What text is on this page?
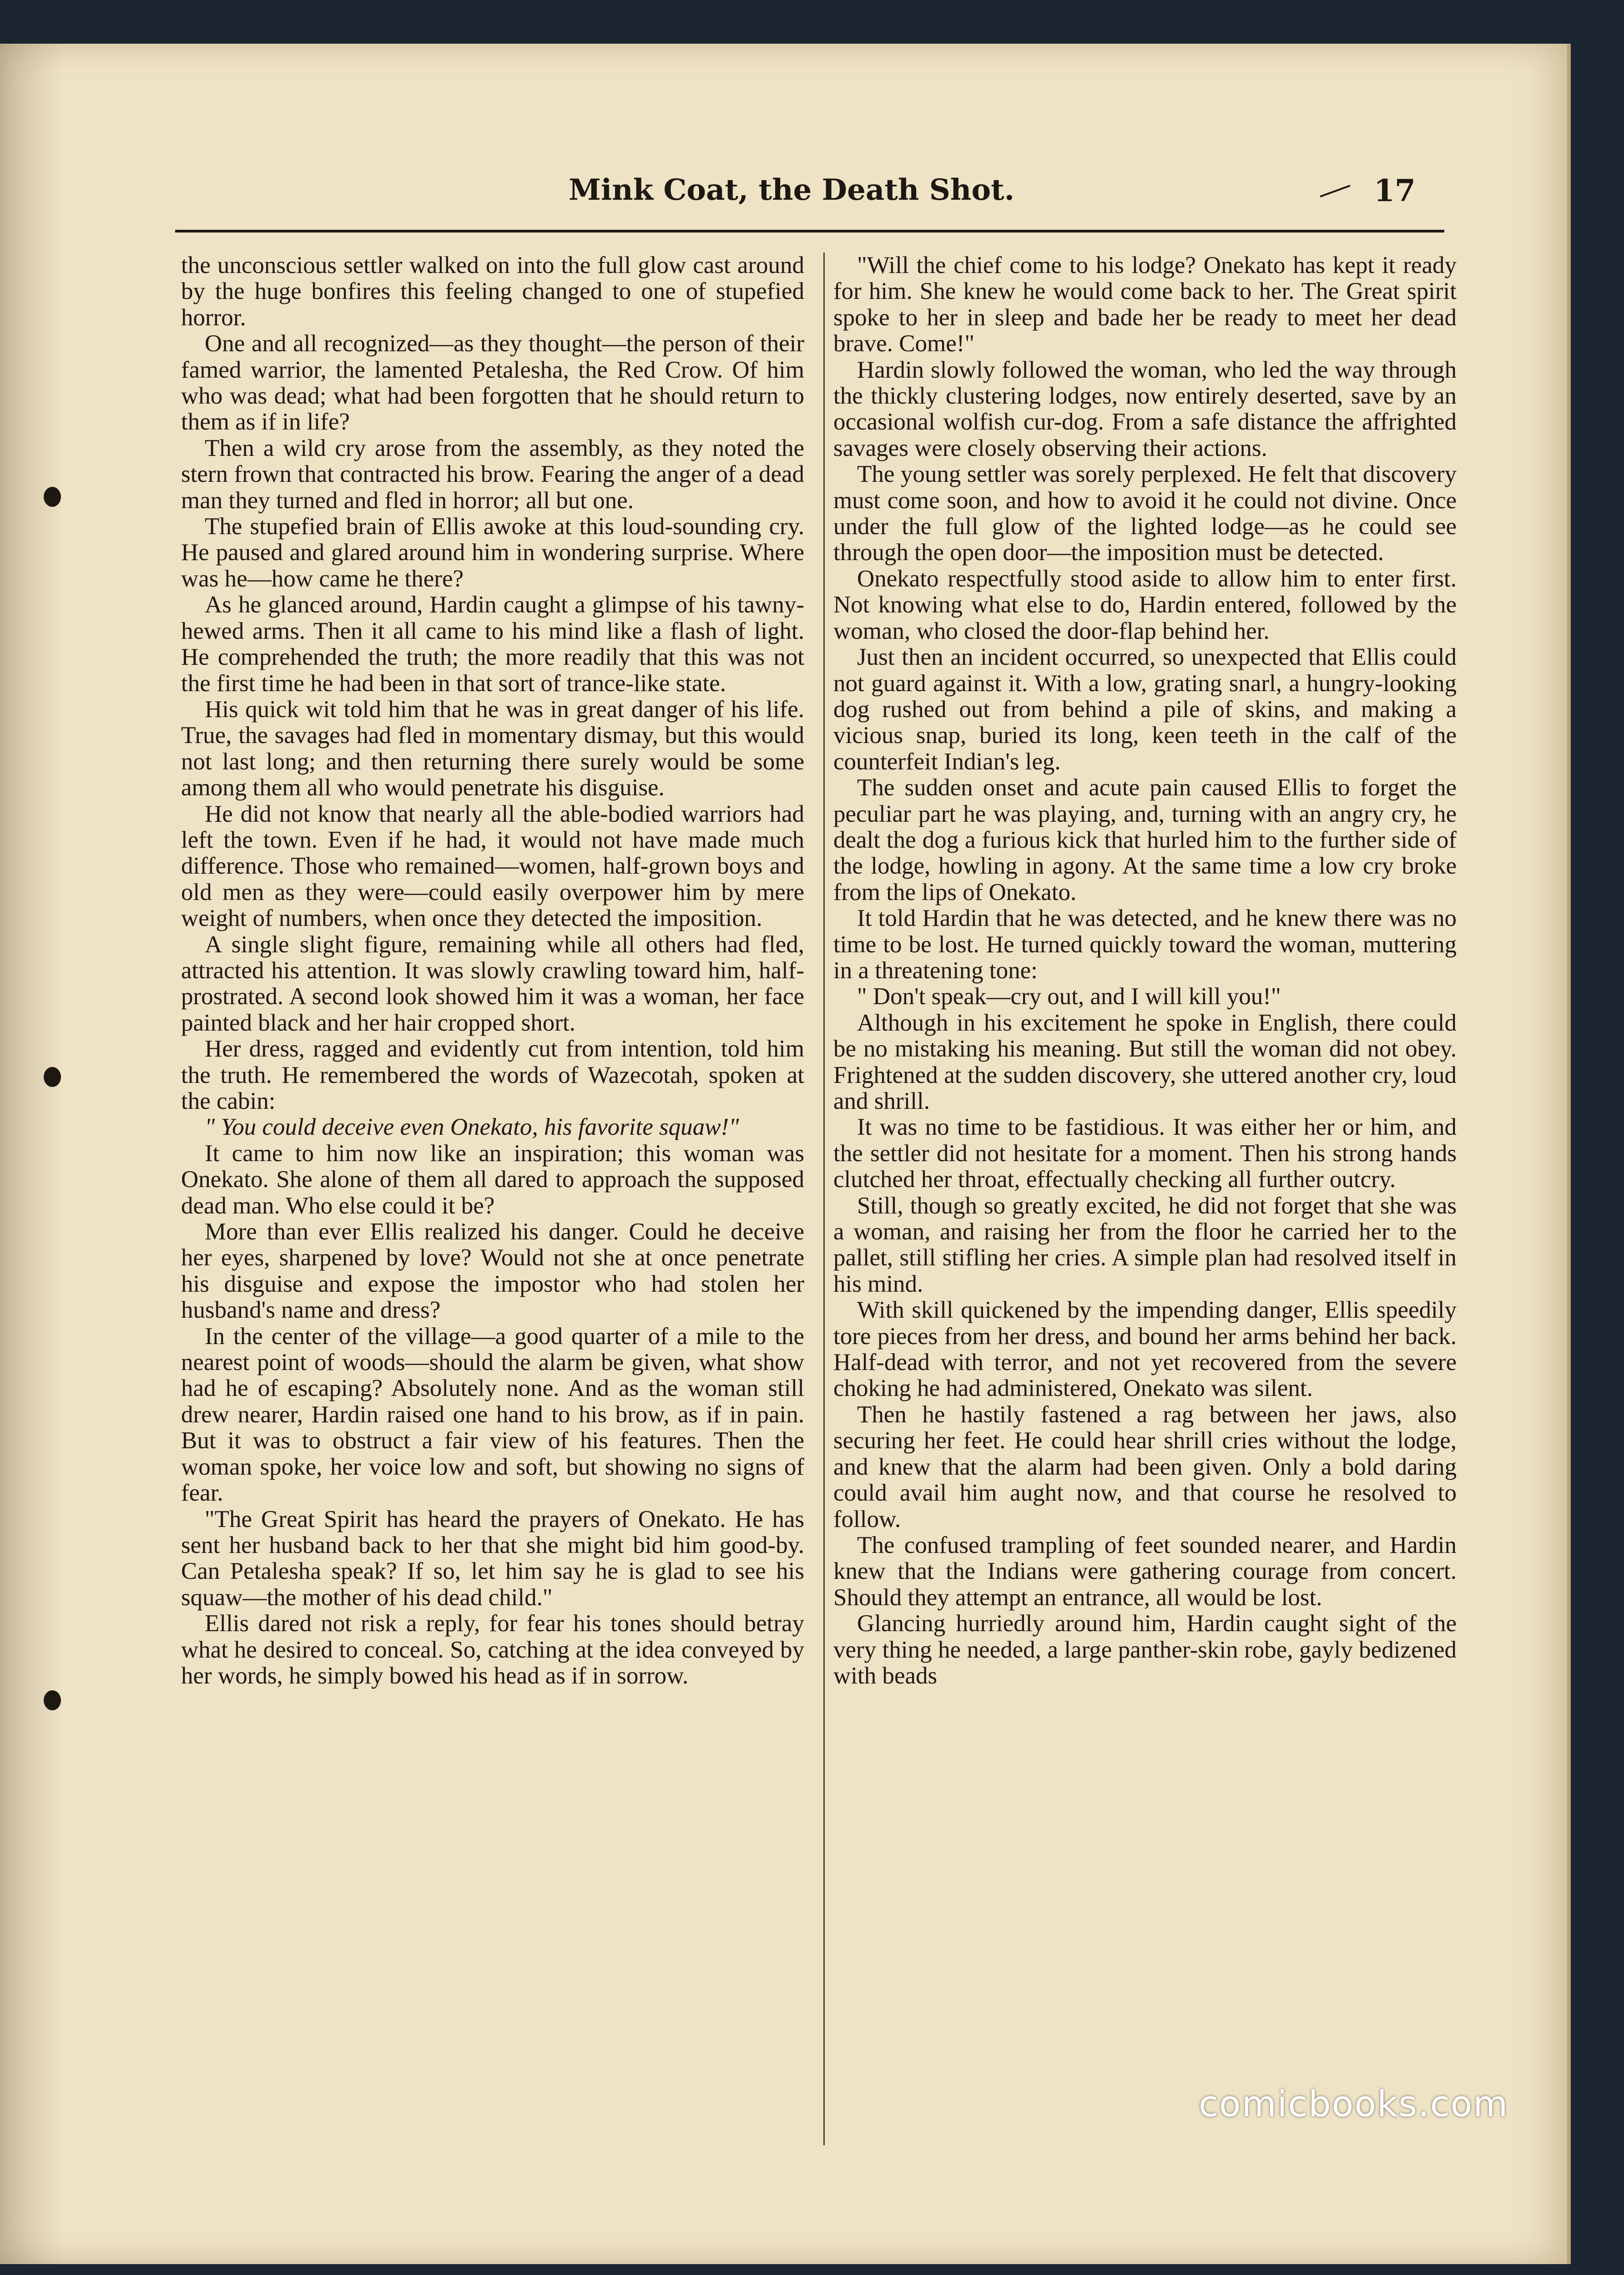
Mink Coat, the Death Shot.	17

the unconscious settler walked on into the full glow cast around by the huge bonfires this feeling changed to one of stupefied horror.

One and all recognized—as they thought—the person of their famed warrior, the lamented Petalesha, the Red Crow. Of him who was dead; what had been forgotten that he should return to them as if in life?

Then a wild cry arose from the assembly, as they noted the stern frown that contracted his brow. Fearing the anger of a dead man they turned and fled in horror; all but one.

The stupefied brain of Ellis awoke at this loud-sounding cry. He paused and glared around him in wondering surprise. Where was he—how came he there?

As he glanced around, Hardin caught a glimpse of his tawny-hewed arms. Then it all came to his mind like a flash of light. He comprehended the truth; the more readily that this was not the first time he had been in that sort of trance-like state.

His quick wit told him that he was in great danger of his life. True, the savages had fled in momentary dismay, but this would not last long; and then returning there surely would be some among them all who would penetrate his disguise.

He did not know that nearly all the able-bodied warriors had left the town. Even if he had, it would not have made much difference. Those who remained—women, half-grown boys and old men as they were—could easily overpower him by mere weight of numbers, when once they detected the imposition.

A single slight figure, remaining while all others had fled, attracted his attention. It was slowly crawling toward him, half-prostrated. A second look showed him it was a woman, her face painted black and her hair cropped short.

Her dress, ragged and evidently cut from intention, told him the truth. He remembered the words of Wazecotah, spoken at the cabin:

" You could deceive even Onekato, his favorite squaw!"

It came to him now like an inspiration; this woman was Onekato. She alone of them all dared to approach the supposed dead man. Who else could it be?

More than ever Ellis realized his danger. Could he deceive her eyes, sharpened by love? Would not she at once penetrate his disguise and expose the impostor who had stolen her husband's name and dress?

In the center of the village—a good quarter of a mile to the nearest point of woods—should the alarm be given, what show had he of escaping? Absolutely none. And as the woman still drew nearer, Hardin raised one hand to his brow, as if in pain. But it was to obstruct a fair view of his features. Then the woman spoke, her voice low and soft, but showing no signs of fear.

"The Great Spirit has heard the prayers of Onekato. He has sent her husband back to her that she might bid him good-by. Can Petalesha speak? If so, let him say he is glad to see his squaw—the mother of his dead child."

Ellis dared not risk a reply, for fear his tones should betray what he desired to conceal. So, catching at the idea conveyed by her words, he simply bowed his head as if in sorrow.

"Will the chief come to his lodge? Onekato has kept it ready for him. She knew he would come back to her. The Great spirit spoke to her in sleep and bade her be ready to meet her dead brave. Come!"

Hardin slowly followed the woman, who led the way through the thickly clustering lodges, now entirely deserted, save by an occasional wolfish cur-dog. From a safe distance the affrighted savages were closely observing their actions.

The young settler was sorely perplexed. He felt that discovery must come soon, and how to avoid it he could not divine. Once under the full glow of the lighted lodge—as he could see through the open door—the imposition must be detected.

Onekato respectfully stood aside to allow him to enter first. Not knowing what else to do, Hardin entered, followed by the woman, who closed the door-flap behind her.

Just then an incident occurred, so unexpected that Ellis could not guard against it. With a low, grating snarl, a hungry-looking dog rushed out from behind a pile of skins, and making a vicious snap, buried its long, keen teeth in the calf of the counterfeit Indian's leg.

The sudden onset and acute pain caused Ellis to forget the peculiar part he was playing, and, turning with an angry cry, he dealt the dog a furious kick that hurled him to the further side of the lodge, howling in agony. At the same time a low cry broke from the lips of Onekato.

It told Hardin that he was detected, and he knew there was no time to be lost. He turned quickly toward the woman, muttering in a threatening tone:

" Don't speak—cry out, and I will kill you!"

Although in his excitement he spoke in English, there could be no mistaking his meaning. But still the woman did not obey. Frightened at the sudden discovery, she uttered another cry, loud and shrill.

It was no time to be fastidious. It was either her or him, and the settler did not hesitate for a moment. Then his strong hands clutched her throat, effectually checking all further outcry.

Still, though so greatly excited, he did not forget that she was a woman, and raising her from the floor he carried her to the pallet, still stifling her cries. A simple plan had resolved itself in his mind.

With skill quickened by the impending danger, Ellis speedily tore pieces from her dress, and bound her arms behind her back. Half-dead with terror, and not yet recovered from the severe choking he had administered, Onekato was silent.

Then he hastily fastened a rag between her jaws, also securing her feet. He could hear shrill cries without the lodge, and knew that the alarm had been given. Only a bold daring could avail him aught now, and that course he resolved to follow.

The confused trampling of feet sounded nearer, and Hardin knew that the Indians were gathering courage from concert. Should they attempt an entrance, all would be lost.

Glancing hurriedly around him, Hardin caught sight of the very thing he needed, a large panther-skin robe, gayly bedizened with beads

comicbooks.com
